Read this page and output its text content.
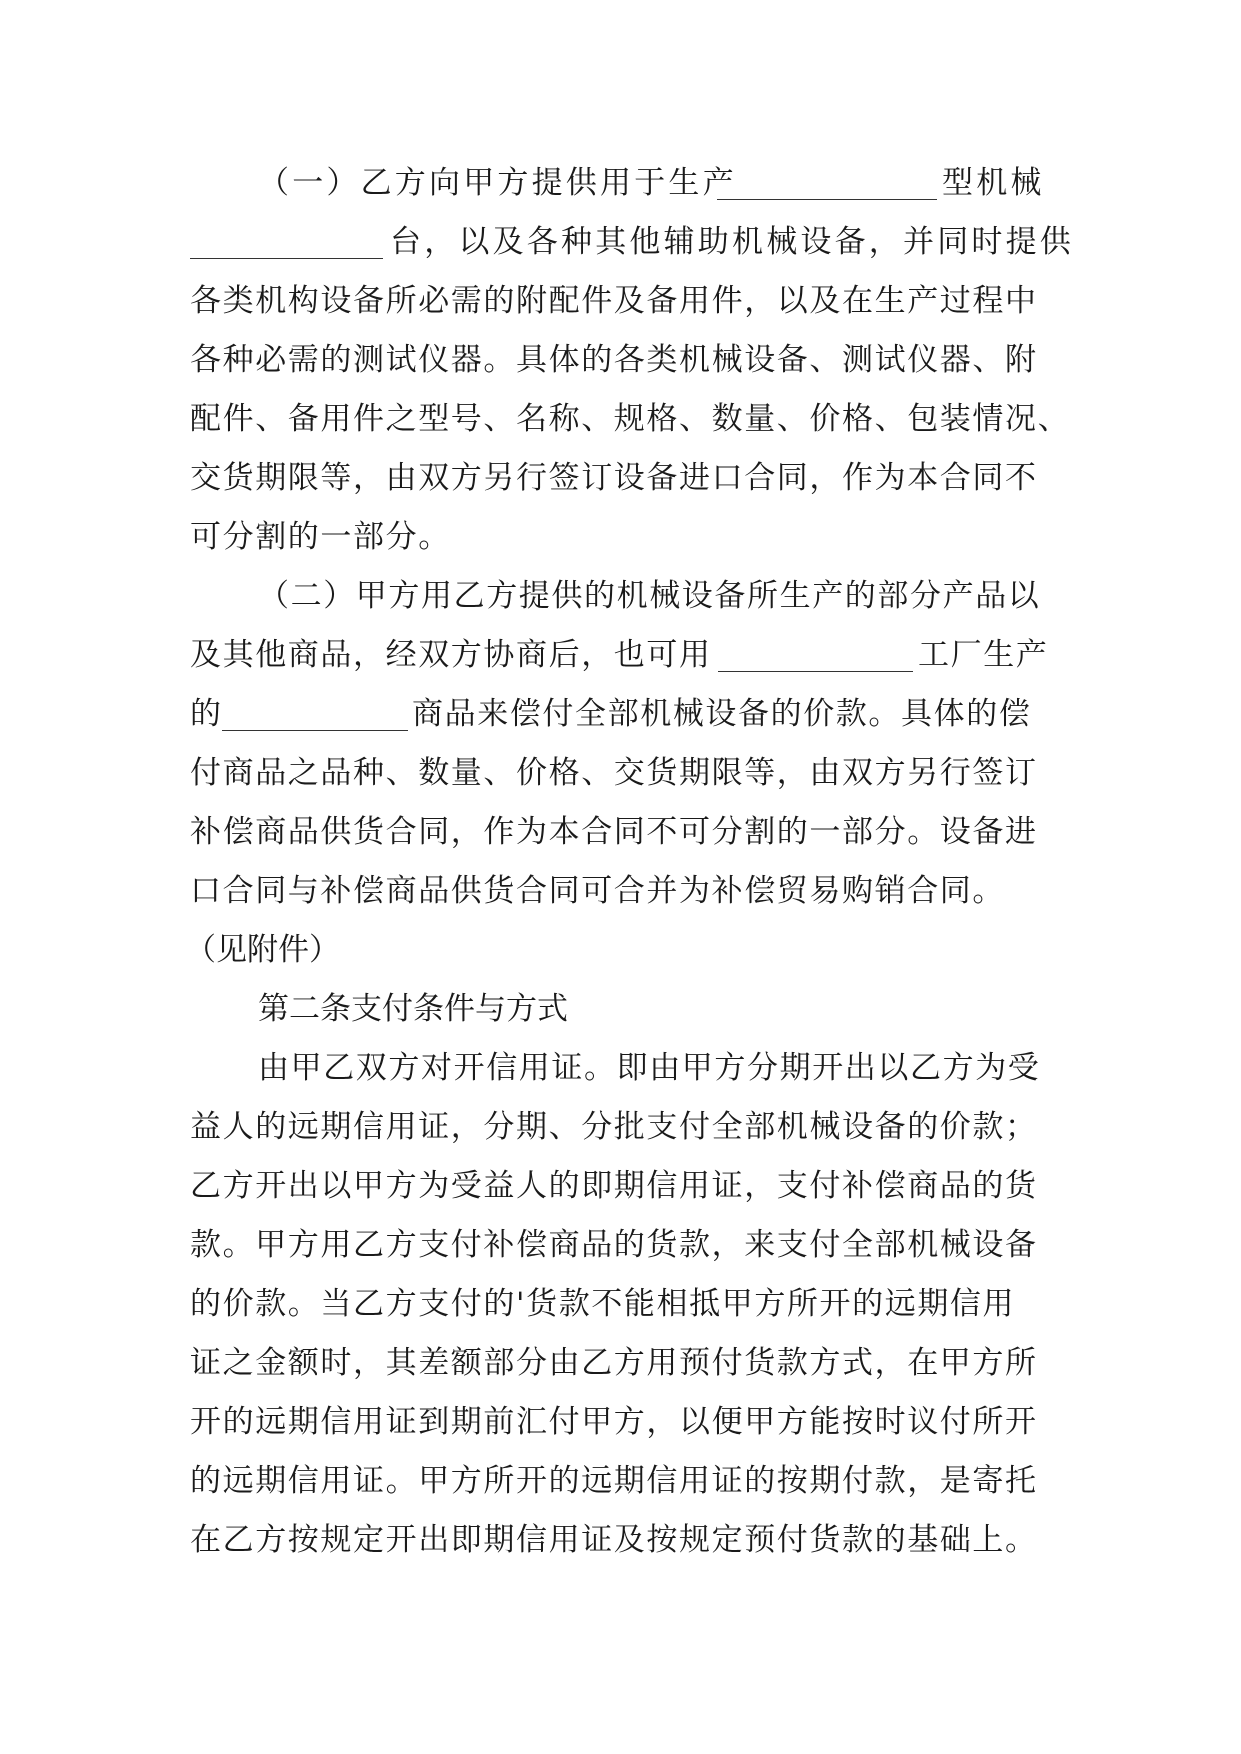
（一）乙方向甲方提供用于生产	型机械
台，以及各种其他辅助机械设备，并同时提供
各类机构设备所必需的附配件及备用件，以及在生产过程中
各种必需的测试仪器。具体的各类机械设备、测试仪器、附
配件、备用件之型号、名称、规格、数量、价格、包装情况、
交货期限等，由双方另行签订设备进口合同，作为本合同不
可分割的一部分。
（二）甲方用乙方提供的机械设备所生产的部分产品以
及其他商品，经双方协商后，也可用	工厂生产
的	商品来偿付全部机械设备的价款。具体的偿
付商品之品种、数量、价格、交货期限等，由双方另行签订
补偿商品供货合同，作为本合同不可分割的一部分。设备进
口合同与补偿商品供货合同可合并为补偿贸易购销合同。
（见附件）
第二条支付条件与方式
由甲乙双方对开信用证。即由甲方分期开出以乙方为受
益人的远期信用证，分期、分批支付全部机械设备的价款；
乙方开出以甲方为受益人的即期信用证，支付补偿商品的货
款。甲方用乙方支付补偿商品的货款，来支付全部机械设备
的价款。当乙方支付的'货款不能相抵甲方所开的远期信用
证之金额时，其差额部分由乙方用预付货款方式，在甲方所
开的远期信用证到期前汇付甲方，以便甲方能按时议付所开
的远期信用证。甲方所开的远期信用证的按期付款，是寄托
在乙方按规定开出即期信用证及按规定预付货款的基础上。
